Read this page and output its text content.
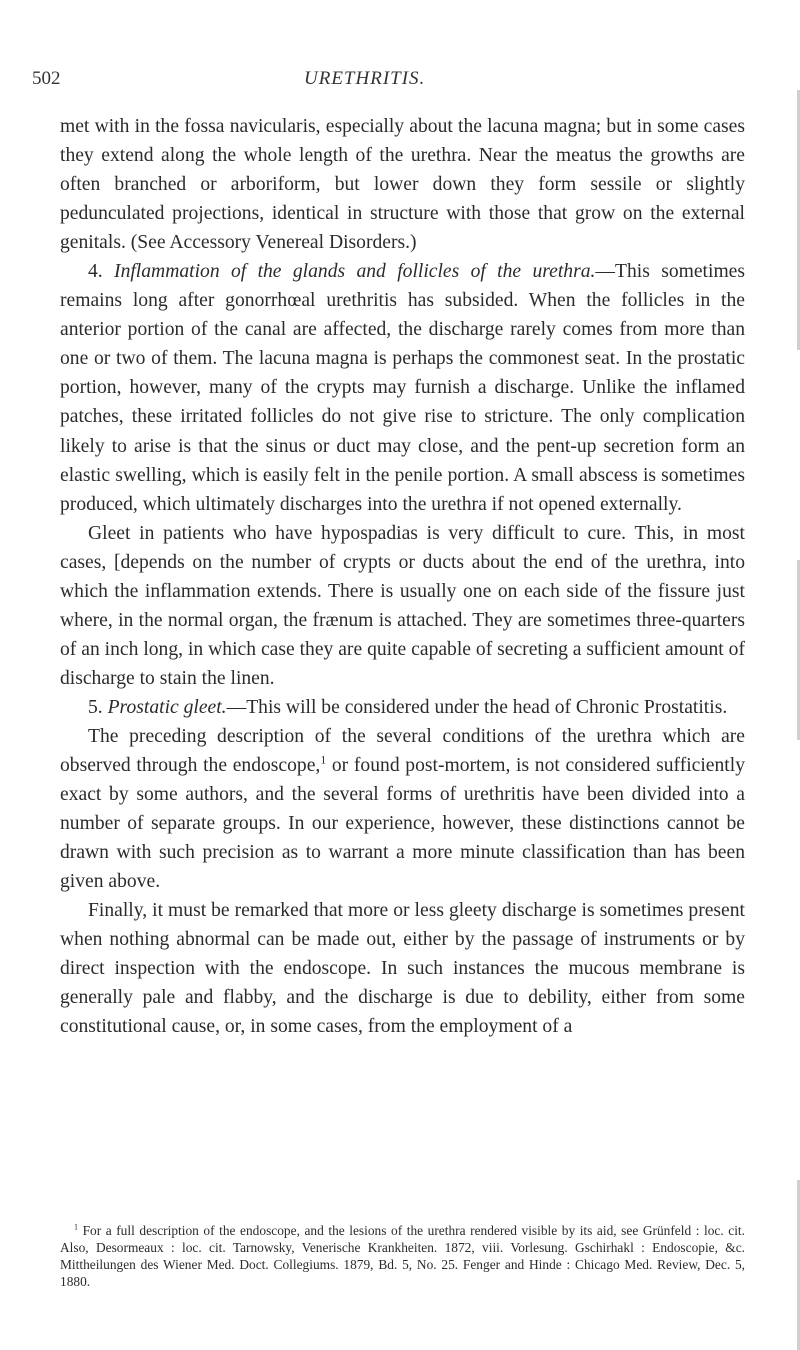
502	URETHRITIS.

met with in the fossa navicularis, especially about the lacuna magna; but in some cases they extend along the whole length of the urethra. Near the meatus the growths are often branched or arboriform, but lower down they form sessile or slightly pedunculated projections, identical in structure with those that grow on the external genitals. (See Accessory Venereal Disorders.)

4. Inflammation of the glands and follicles of the urethra.—This sometimes remains long after gonorrhœal urethritis has subsided. When the follicles in the anterior portion of the canal are affected, the discharge rarely comes from more than one or two of them. The lacuna magna is perhaps the commonest seat. In the prostatic portion, however, many of the crypts may furnish a discharge. Unlike the inflamed patches, these irritated follicles do not give rise to stricture. The only complication likely to arise is that the sinus or duct may close, and the pent-up secretion form an elastic swelling, which is easily felt in the penile portion. A small abscess is sometimes produced, which ultimately discharges into the urethra if not opened externally.

Gleet in patients who have hypospadias is very difficult to cure. This, in most cases, [depends on the number of crypts or ducts about the end of the urethra, into which the inflammation extends. There is usually one on each side of the fissure just where, in the normal organ, the frænum is attached. They are sometimes three-quarters of an inch long, in which case they are quite capable of secreting a sufficient amount of discharge to stain the linen.

5. Prostatic gleet.—This will be considered under the head of Chronic Prostatitis.

The preceding description of the several conditions of the urethra which are observed through the endoscope,$^1$ or found post-mortem, is not considered sufficiently exact by some authors, and the several forms of urethritis have been divided into a number of separate groups. In our experience, however, these distinctions cannot be drawn with such precision as to warrant a more minute classification than has been given above.

Finally, it must be remarked that more or less gleety discharge is sometimes present when nothing abnormal can be made out, either by the passage of instruments or by direct inspection with the endoscope. In such instances the mucous membrane is generally pale and flabby, and the discharge is due to debility, either from some constitutional cause, or, in some cases, from the employment of a

$^1$ For a full description of the endoscope, and the lesions of the urethra rendered visible by its aid, see Grünfeld : loc. cit. Also, Desormeaux : loc. cit. Tarnowsky, Venerische Krankheiten. 1872, viii. Vorlesung. Gschirhakl : Endoscopie, &c. Mittheilungen des Wiener Med. Doct. Collegiums. 1879, Bd. 5, No. 25. Fenger and Hinde : Chicago Med. Review, Dec. 5, 1880.
